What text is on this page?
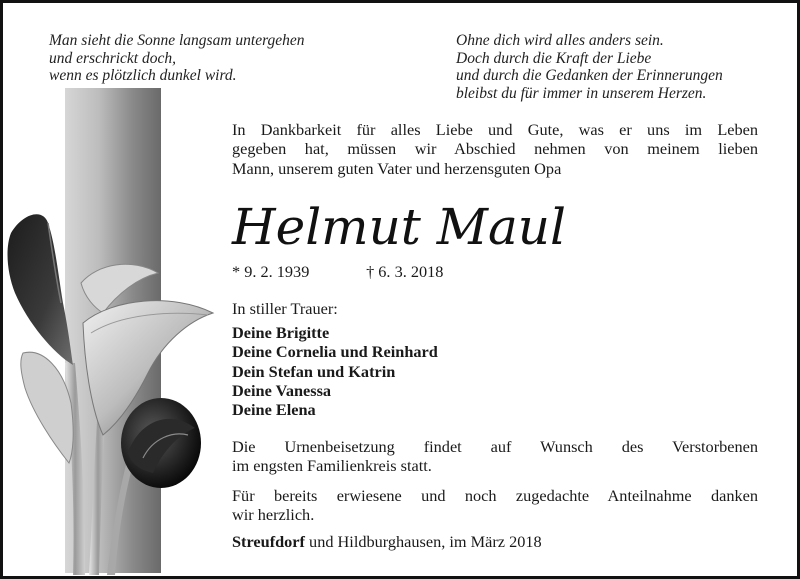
Man sieht die Sonne langsam untergehen
und erschrickt doch,
wenn es plötzlich dunkel wird.
Ohne dich wird alles anders sein.
Doch durch die Kraft der Liebe
und durch die Gedanken der Erinnerungen
bleibst du für immer in unserem Herzen.
In Dankbarkeit für alles Liebe und Gute, was er uns im Leben
gegeben hat, müssen wir Abschied nehmen von meinem lieben
Mann, unserem guten Vater und herzensguten Opa
Helmut Maul
* 9. 2. 1939	† 6. 3. 2018
In stiller Trauer:
Deine Brigitte
Deine Cornelia und Reinhard
Dein Stefan und Katrin
Deine Vanessa
Deine Elena
Die Urnenbeisetzung findet auf Wunsch des Verstorbenen
im engsten Familienkreis statt.
Für bereits erwiesene und noch zugedachte Anteilnahme danken
wir herzlich.
Streufdorf und Hildburghausen, im März 2018
